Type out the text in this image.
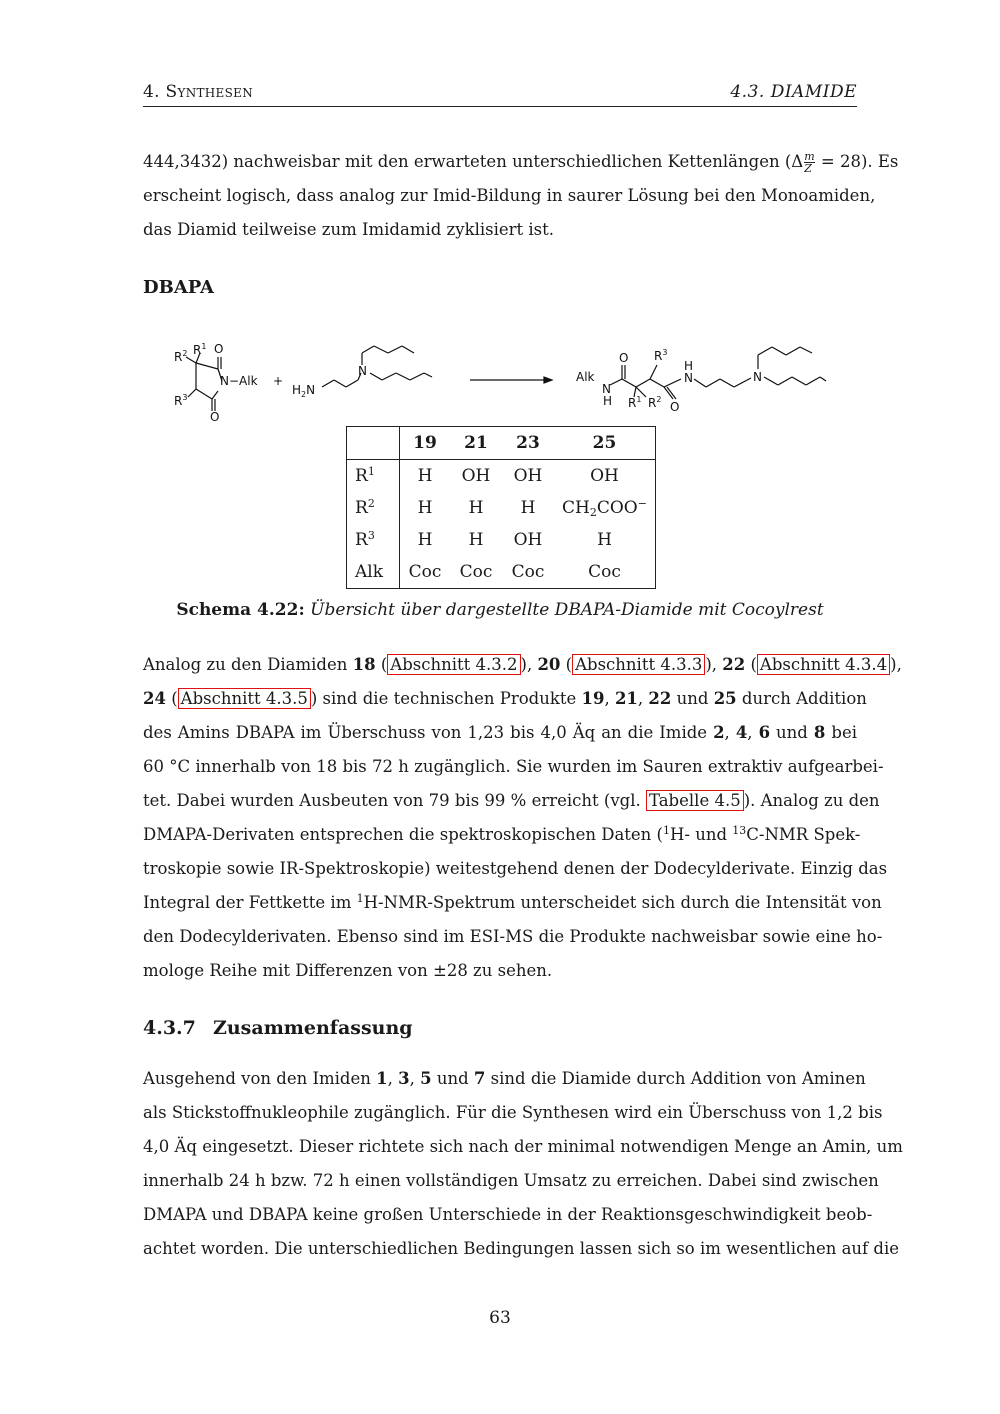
4. Synthesen	4.3. DIAMIDE

444,3432) nachweisbar mit den erwarteten unterschiedlichen Kettenlängen $(\Delta \frac{m}{Z} = 28)$. Es
erscheint logisch, dass analog zur Imid-Bildung in saurer Lösung bei den Monoamiden,
das Diamid teilweise zum Imidamid zyklisiert ist.

DBAPA
$R^2$ $R^1$ O
N−Alk
$R^3$
O
+
$H_2N$
N	Alk
N
H
O $R^3$
$R^1$ $R^2$
O
H
N	N
	19	21	23	25
$R^1$	H	OH	OH	OH
$R^2$	H	H	H	$CH_2COO^-$
$R^3$	H	H	OH	H
Alk	Coc	Coc	Coc	Coc
Schema 4.22: Übersicht über dargestellte DBAPA-Diamide mit Cocoylrest

Analog zu den Diamiden 18 ( Abschnitt 4.3.2 ), 20 ( Abschnitt 4.3.3 ), 22 ( Abschnitt 4.3.4 ),
24 ( Abschnitt 4.3.5 ) sind die technischen Produkte 19, 21, 22 und 25 durch Addition
des Amins DBAPA im Überschuss von 1,23 bis 4,0 Äq an die Imide 2, 4, 6 und 8 bei
60 °C innerhalb von 18 bis 72 h zugänglich. Sie wurden im Sauren extraktiv aufgearbei-
tet. Dabei wurden Ausbeuten von 79 bis 99 % erreicht (vgl. Tabelle 4.5 ). Analog zu den
DMAPA-Derivaten entsprechen die spektroskopischen Daten ($^1$H- und $^{13}$C-NMR Spek-
troskopie sowie IR-Spektroskopie) weitestgehend denen der Dodecylderivate. Einzig das
Integral der Fettkette im $^1$H-NMR-Spektrum unterscheidet sich durch die Intensität von
den Dodecylderivaten. Ebenso sind im ESI-MS die Produkte nachweisbar sowie eine ho-
mologe Reihe mit Differenzen von ±28 zu sehen.

4.3.7 Zusammenfassung

Ausgehend von den Imiden 1, 3, 5 und 7 sind die Diamide durch Addition von Aminen
als Stickstoffnukleophile zugänglich. Für die Synthesen wird ein Überschuss von 1,2 bis
4,0 Äq eingesetzt. Dieser richtete sich nach der minimal notwendigen Menge an Amin, um
innerhalb 24 h bzw. 72 h einen vollständigen Umsatz zu erreichen. Dabei sind zwischen
DMAPA und DBAPA keine großen Unterschiede in der Reaktionsgeschwindigkeit beob-
achtet worden. Die unterschiedlichen Bedingungen lassen sich so im wesentlichen auf die

63
